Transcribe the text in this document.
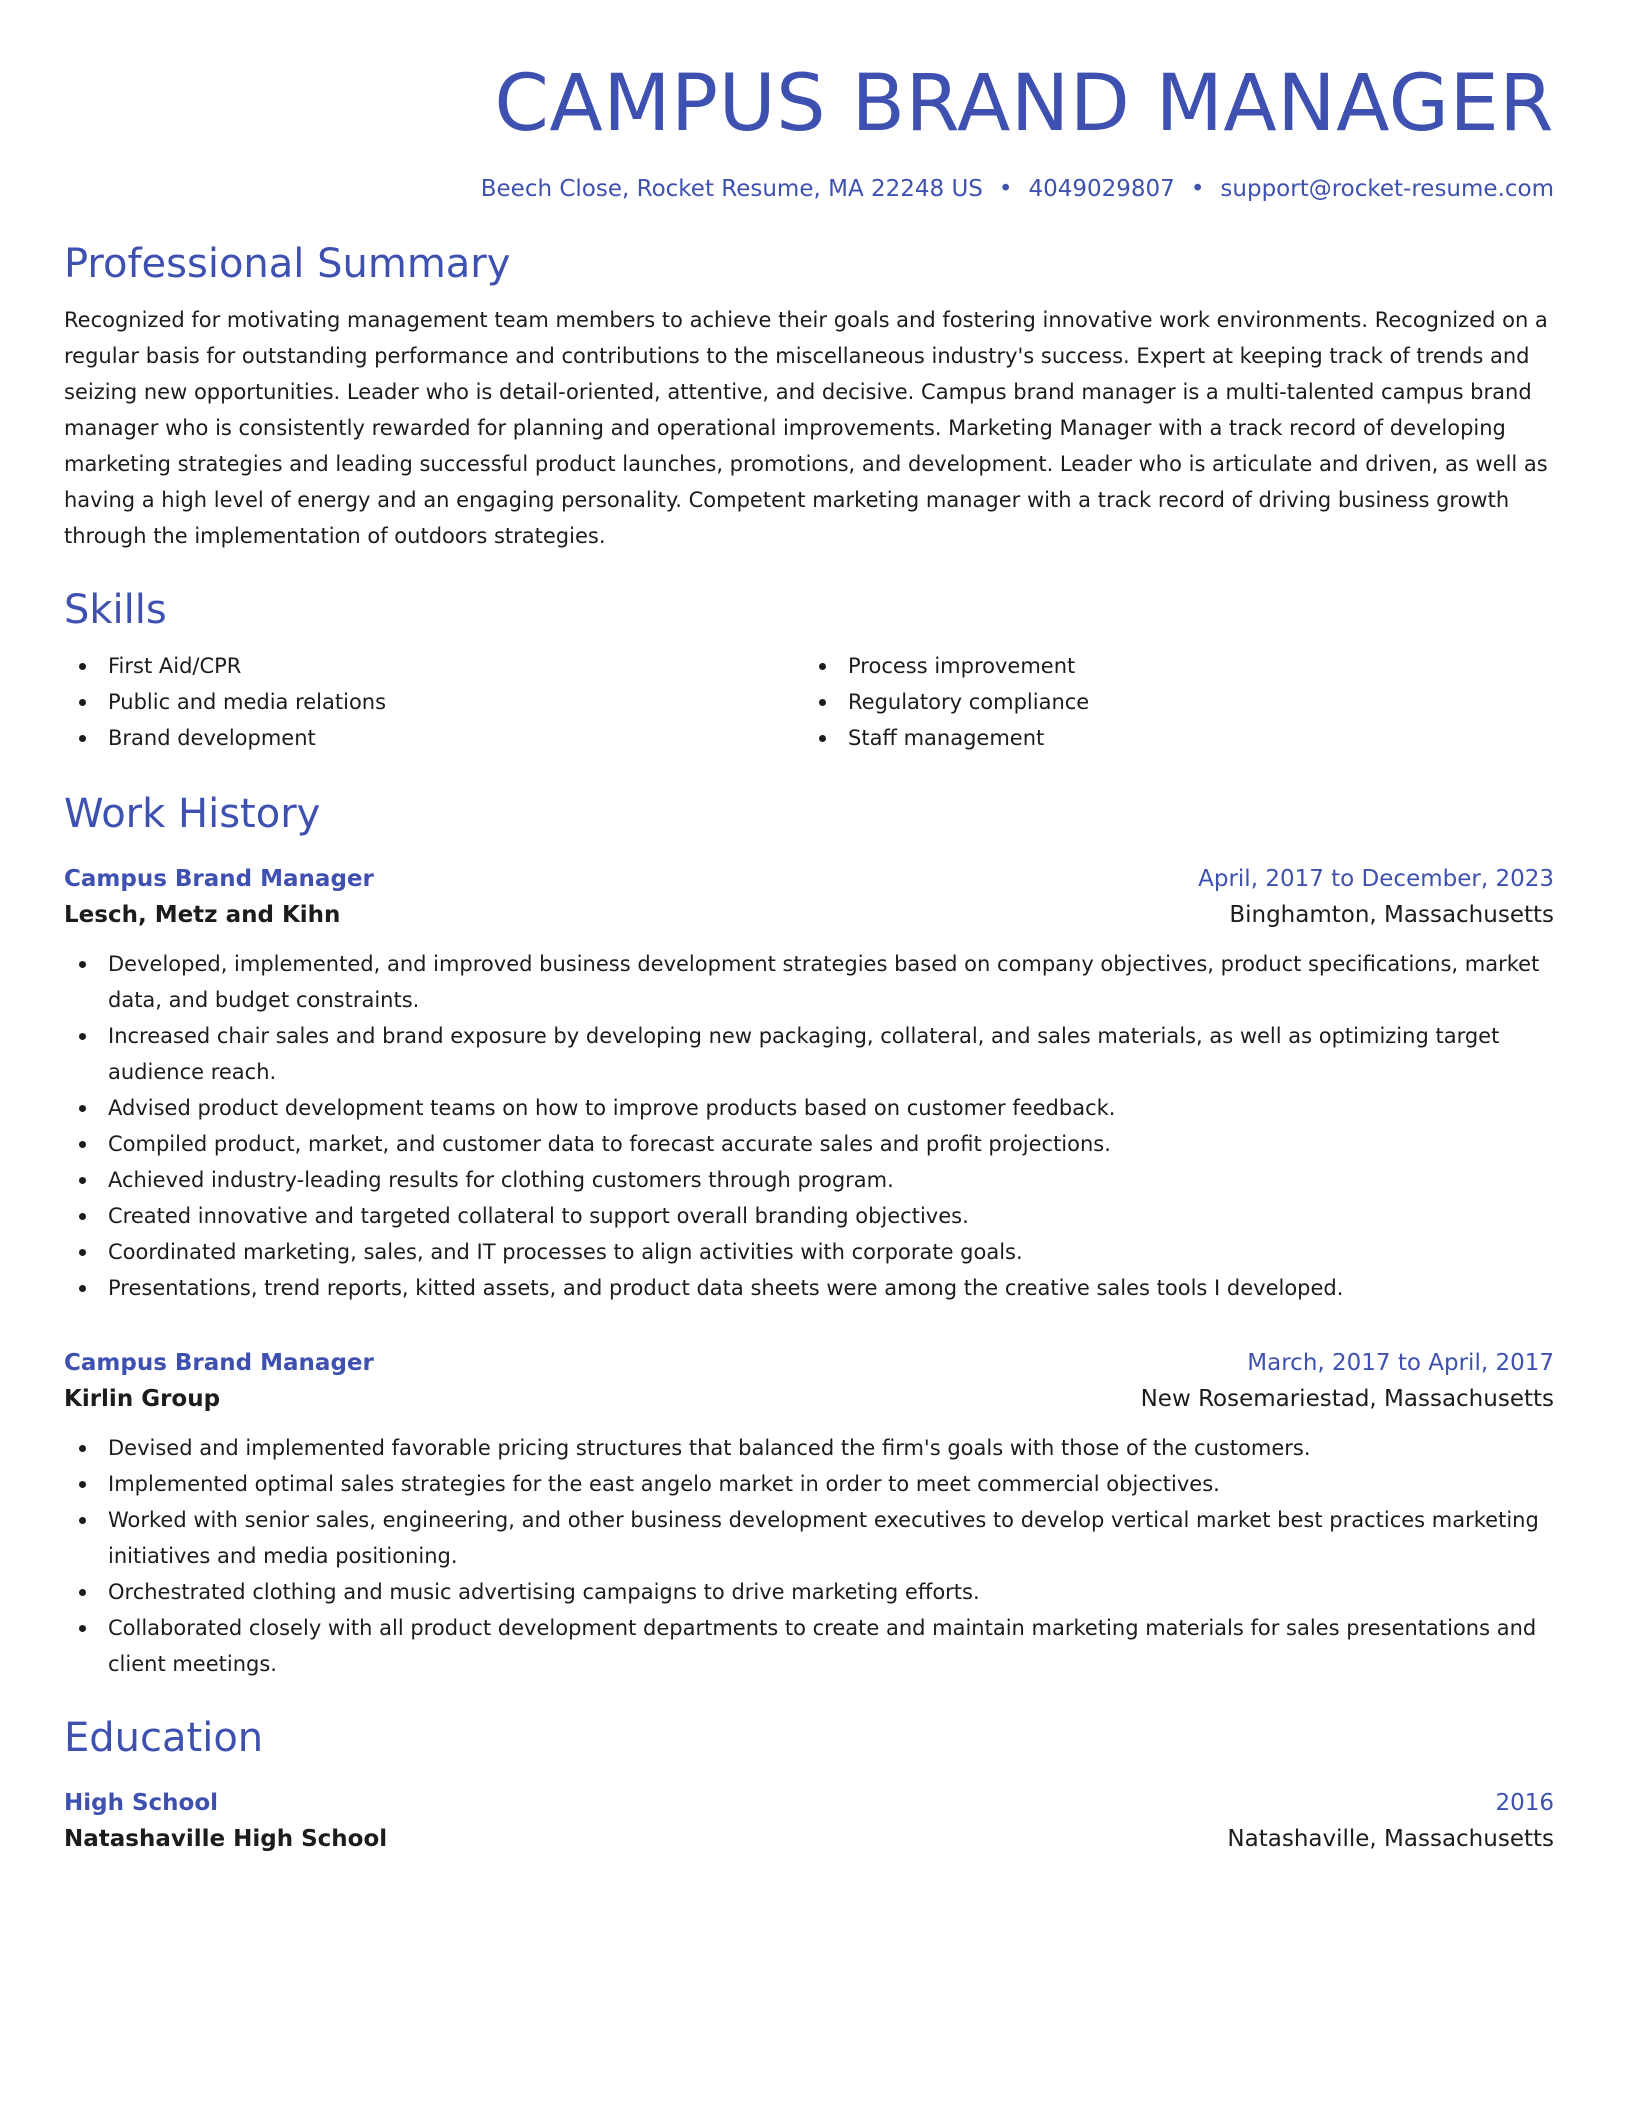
CAMPUS BRAND MANAGER
Beech Close, Rocket Resume, MA 22248 US • 4049029807 • support@rocket-resume.com
Professional Summary
Recognized for motivating management team members to achieve their goals and fostering innovative work environments. Recognized on a regular basis for outstanding performance and contributions to the miscellaneous industry's success. Expert at keeping track of trends and seizing new opportunities. Leader who is detail-oriented, attentive, and decisive. Campus brand manager is a multi-talented campus brand manager who is consistently rewarded for planning and operational improvements. Marketing Manager with a track record of developing marketing strategies and leading successful product launches, promotions, and development. Leader who is articulate and driven, as well as having a high level of energy and an engaging personality. Competent marketing manager with a track record of driving business growth through the implementation of outdoors strategies.
Skills
First Aid/CPR
Public and media relations
Brand development
Process improvement
Regulatory compliance
Staff management
Work History
Campus Brand Manager	April, 2017 to December, 2023
Lesch, Metz and Kihn	Binghamton, Massachusetts
Developed, implemented, and improved business development strategies based on company objectives, product specifications, market data, and budget constraints.
Increased chair sales and brand exposure by developing new packaging, collateral, and sales materials, as well as optimizing target audience reach.
Advised product development teams on how to improve products based on customer feedback.
Compiled product, market, and customer data to forecast accurate sales and profit projections.
Achieved industry-leading results for clothing customers through program.
Created innovative and targeted collateral to support overall branding objectives.
Coordinated marketing, sales, and IT processes to align activities with corporate goals.
Presentations, trend reports, kitted assets, and product data sheets were among the creative sales tools I developed.
Campus Brand Manager	March, 2017 to April, 2017
Kirlin Group	New Rosemariestad, Massachusetts
Devised and implemented favorable pricing structures that balanced the firm's goals with those of the customers.
Implemented optimal sales strategies for the east angelo market in order to meet commercial objectives.
Worked with senior sales, engineering, and other business development executives to develop vertical market best practices marketing initiatives and media positioning.
Orchestrated clothing and music advertising campaigns to drive marketing efforts.
Collaborated closely with all product development departments to create and maintain marketing materials for sales presentations and client meetings.
Education
High School	2016
Natashaville High School	Natashaville, Massachusetts
